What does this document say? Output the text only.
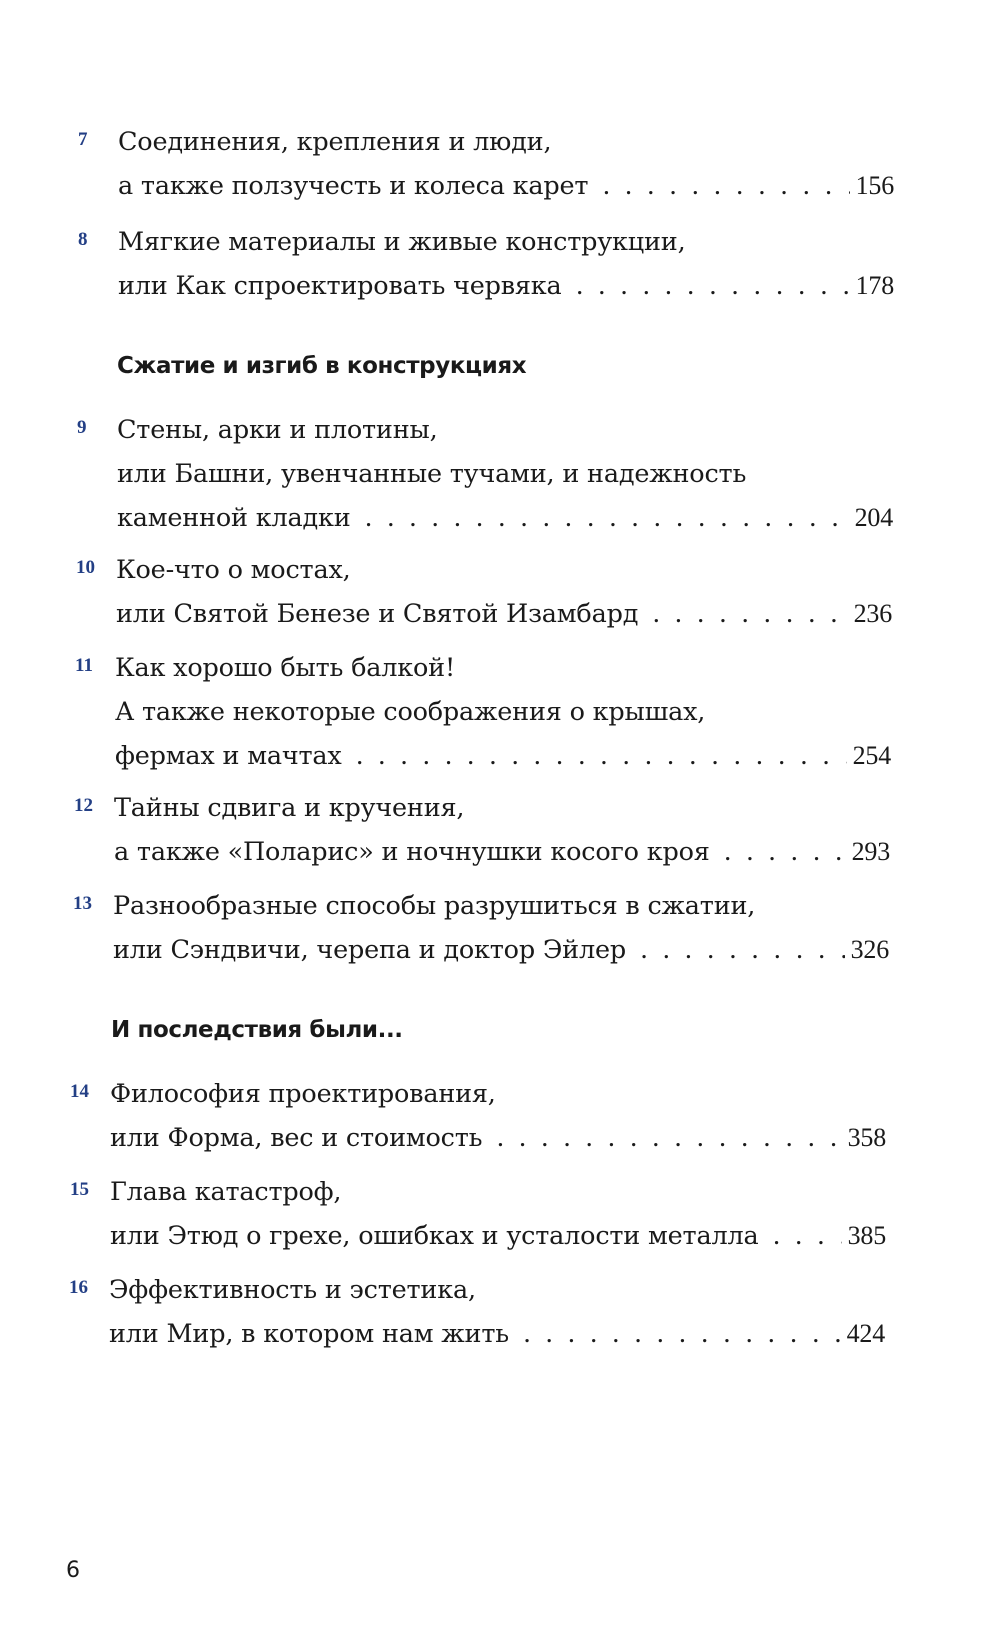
7	Соединения, крепления и люди,
а также ползучесть и колеса карет . . .	156
8	Мягкие материалы и живые конструкции,
или Как спроектировать червяка . . .	178
Сжатие и изгиб в конструкциях
9	Стены, арки и плотины,
или Башни, увенчанные тучами, и надежность
каменной кладки . . .	204
10 Кое-что о мостах,
или Святой Бенезе и Святой Изамбард . . .	236
11 Как хорошо быть балкой!
А также некоторые соображения о крышах,
фермах и мачтах . . .	254
12 Тайны сдвига и кручения,
а также «Поларис» и ночнушки косого кроя . . .	293
13 Разнообразные способы разрушиться в сжатии,
или Сэндвичи, черепа и доктор Эйлер . . .	326
И последствия были...
14 Философия проектирования,
или Форма, вес и стоимость . . .	358
15 Глава катастроф,
или Этюд о грехе, ошибках и усталости металла . . .	385
16 Эффективность и эстетика,
или Мир, в котором нам жить . . .	424
6
